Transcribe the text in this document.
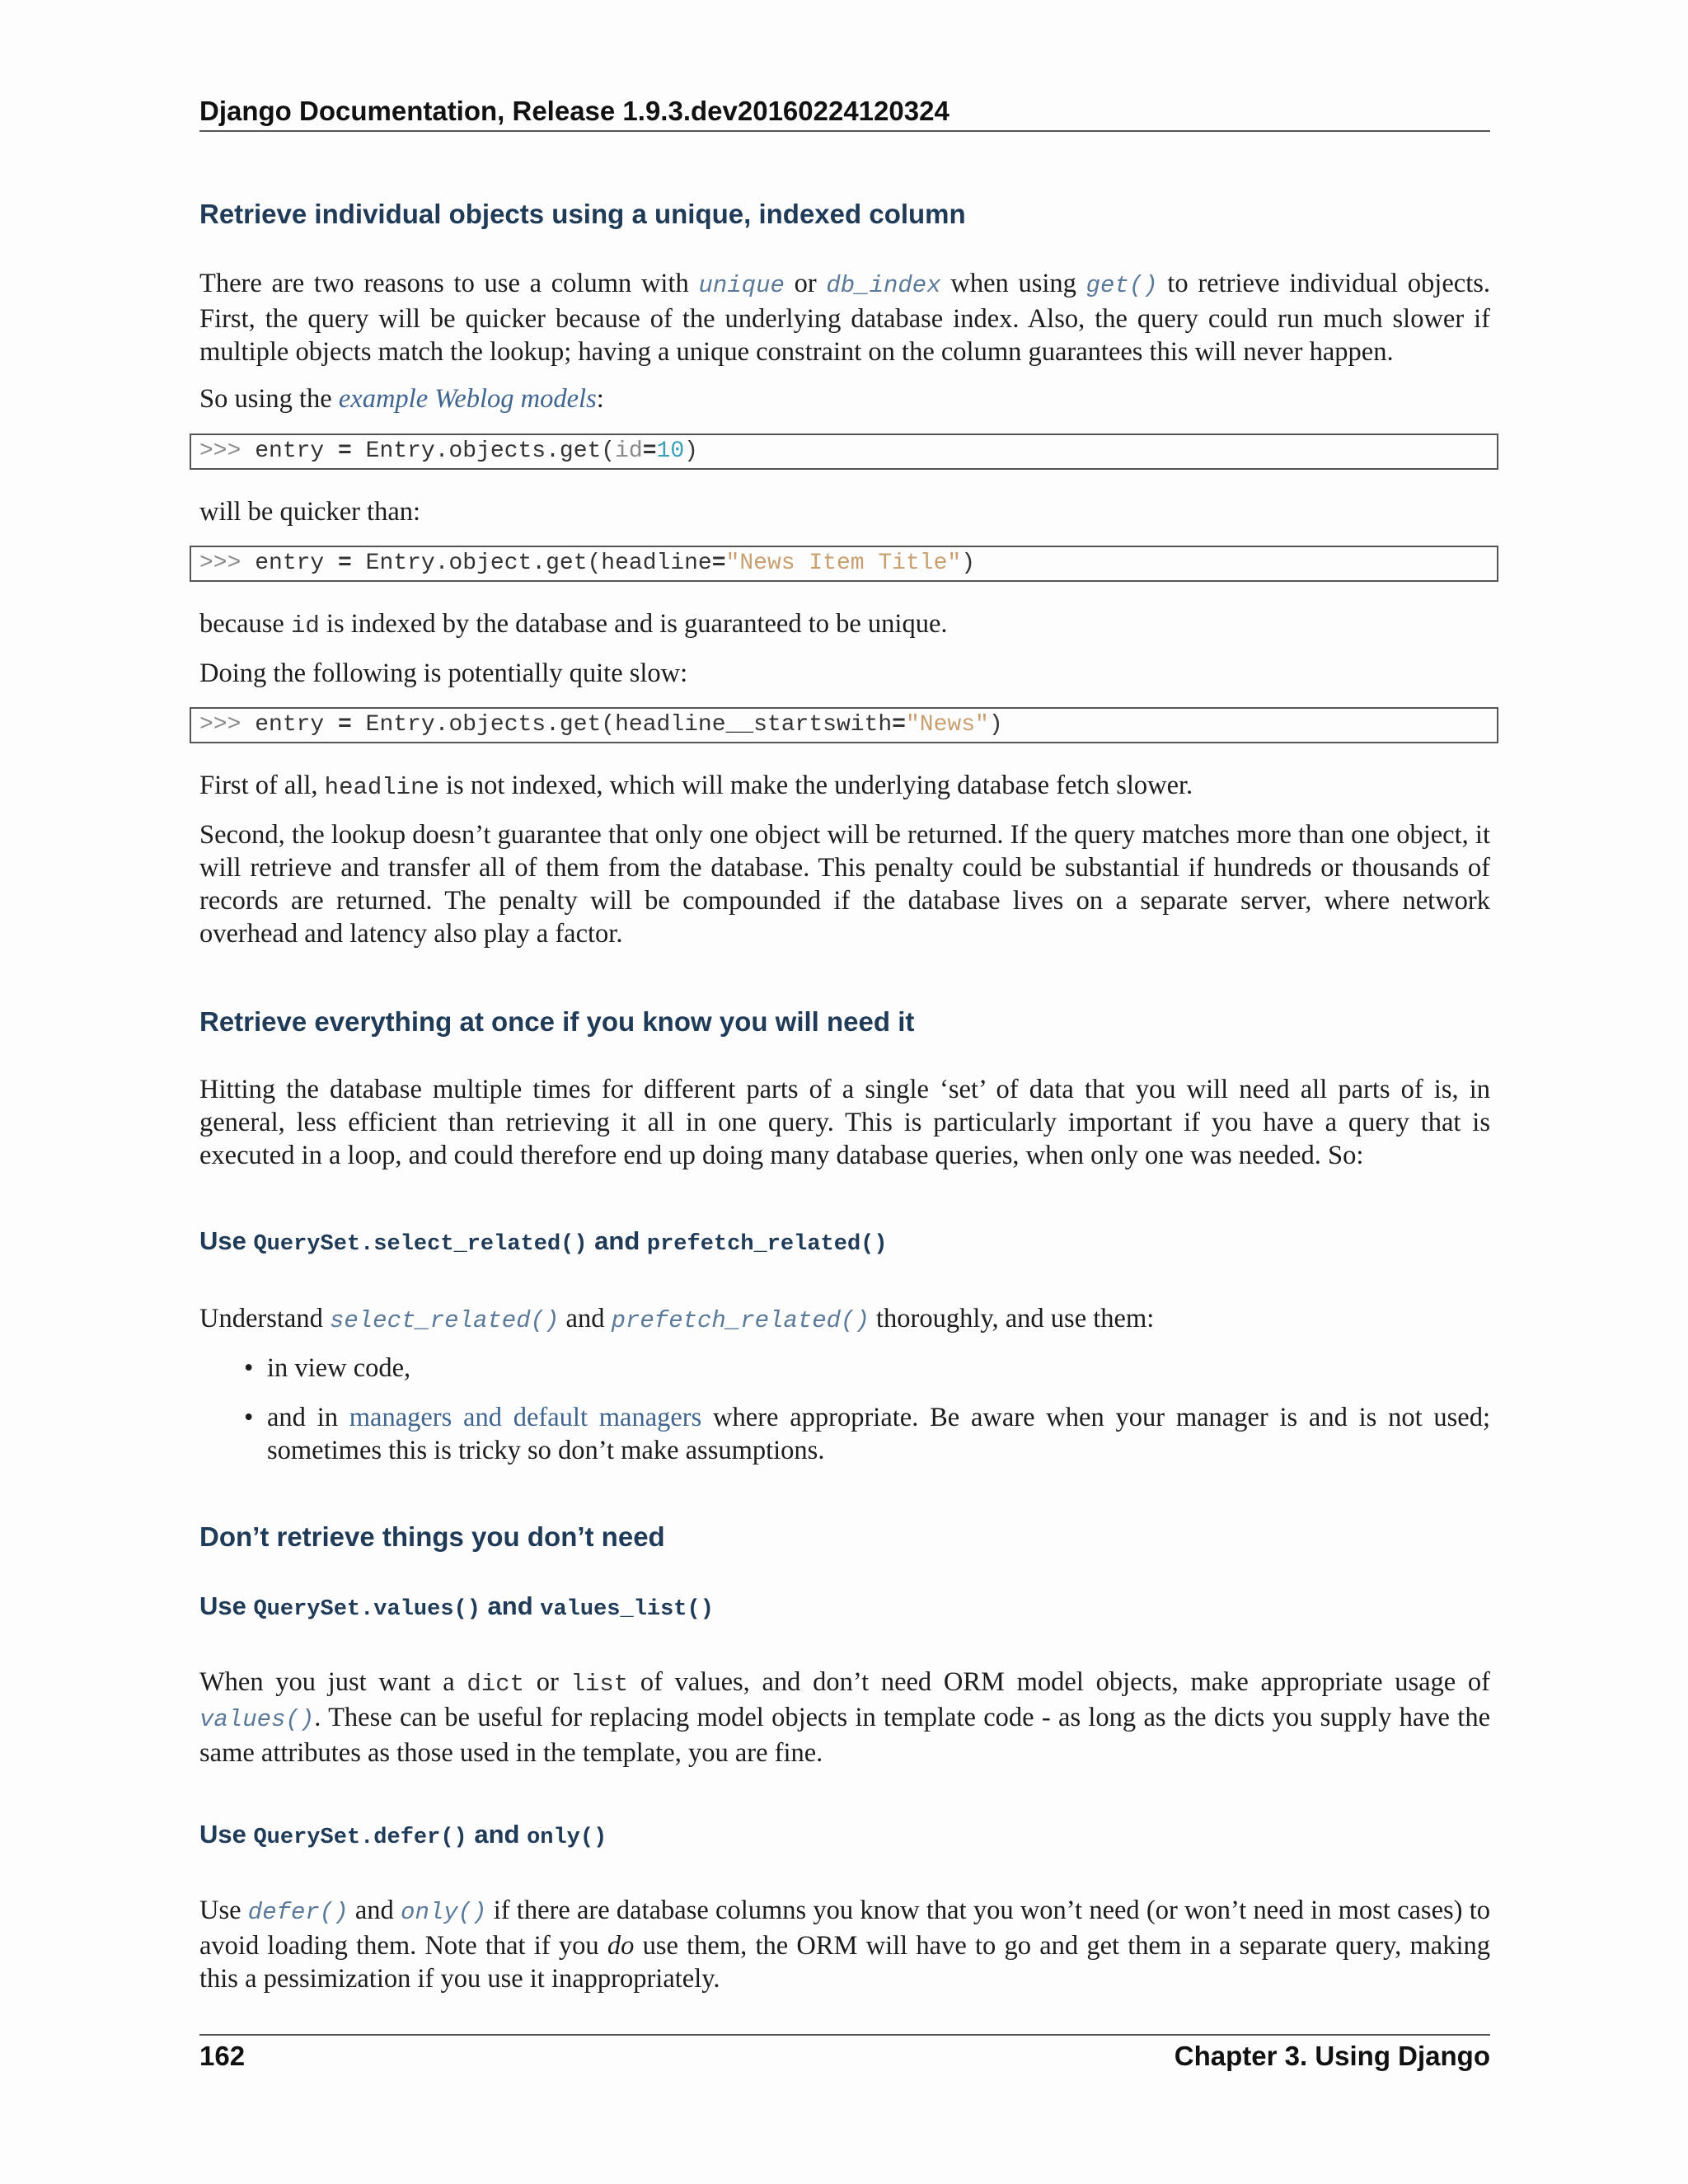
Django Documentation, Release 1.9.3.dev20160224120324
Retrieve individual objects using a unique, indexed column
There are two reasons to use a column with unique or db_index when using get() to retrieve individual objects. First, the query will be quicker because of the underlying database index. Also, the query could run much slower if multiple objects match the lookup; having a unique constraint on the column guarantees this will never happen.
So using the example Weblog models:
>>> entry = Entry.objects.get(id=10)
will be quicker than:
>>> entry = Entry.object.get(headline="News Item Title")
because id is indexed by the database and is guaranteed to be unique.
Doing the following is potentially quite slow:
>>> entry = Entry.objects.get(headline__startswith="News")
First of all, headline is not indexed, which will make the underlying database fetch slower.
Second, the lookup doesn’t guarantee that only one object will be returned. If the query matches more than one object, it will retrieve and transfer all of them from the database. This penalty could be substantial if hundreds or thousands of records are returned. The penalty will be compounded if the database lives on a separate server, where network overhead and latency also play a factor.
Retrieve everything at once if you know you will need it
Hitting the database multiple times for different parts of a single ‘set’ of data that you will need all parts of is, in general, less efficient than retrieving it all in one query. This is particularly important if you have a query that is executed in a loop, and could therefore end up doing many database queries, when only one was needed. So:
Use QuerySet.select_related() and prefetch_related()
Understand select_related() and prefetch_related() thoroughly, and use them:
• in view code,
• and in managers and default managers where appropriate. Be aware when your manager is and is not used; sometimes this is tricky so don’t make assumptions.
Don’t retrieve things you don’t need
Use QuerySet.values() and values_list()
When you just want a dict or list of values, and don’t need ORM model objects, make appropriate usage of values(). These can be useful for replacing model objects in template code - as long as the dicts you supply have the same attributes as those used in the template, you are fine.
Use QuerySet.defer() and only()
Use defer() and only() if there are database columns you know that you won’t need (or won’t need in most cases) to avoid loading them. Note that if you do use them, the ORM will have to go and get them in a separate query, making this a pessimization if you use it inappropriately.
162	Chapter 3. Using Django
